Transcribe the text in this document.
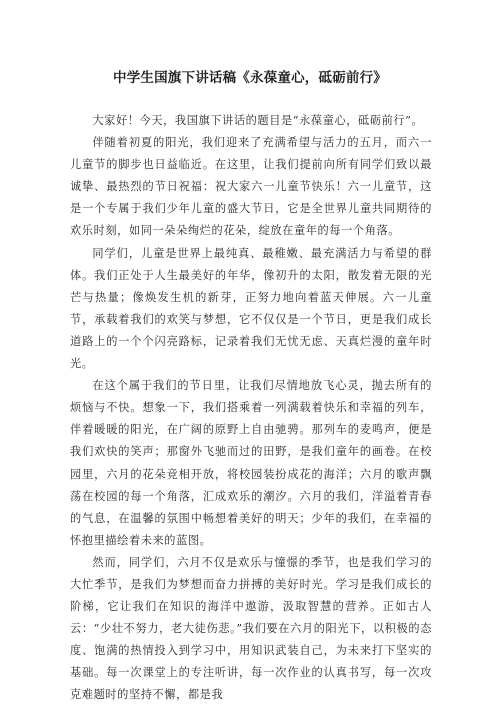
中学生国旗下讲话稿《永葆童心，砥砺前行》

大家好！今天，我国旗下讲话的题目是“永葆童心，砥砺前行”。

伴随着初夏的阳光，我们迎来了充满希望与活力的五月，而六一儿童节的脚步也日益临近。在这里，让我们提前向所有同学们致以最诚挚、最热烈的节日祝福：祝大家六一儿童节快乐！六一儿童节，这是一个专属于我们少年儿童的盛大节日，它是全世界儿童共同期待的欢乐时刻，如同一朵朵绚烂的花朵，绽放在童年的每一个角落。

同学们，儿童是世界上最纯真、最稚嫩、最充满活力与希望的群体。我们正处于人生最美好的年华，像初升的太阳，散发着无限的光芒与热量；像焕发生机的新芽，正努力地向着蓝天伸展。六一儿童节，承载着我们的欢笑与梦想，它不仅仅是一个节日，更是我们成长道路上的一个个闪亮路标，记录着我们无忧无虑、天真烂漫的童年时光。

在这个属于我们的节日里，让我们尽情地放飞心灵，抛去所有的烦恼与不快。想象一下，我们搭乘着一列满载着快乐和幸福的列车，伴着暖暖的阳光，在广阔的原野上自由驰骋。那列车的麦鸣声，便是我们欢快的笑声；那窗外飞驰而过的田野，是我们童年的画卷。在校园里，六月的花朵竞相开放，将校园装扮成花的海洋；六月的歌声飘荡在校园的每一个角落，汇成欢乐的潮汐。六月的我们，洋溢着青春的气息，在温馨的氛围中畅想着美好的明天；少年的我们，在幸福的怀抱里描绘着未来的蓝图。

然而，同学们，六月不仅是欢乐与憧憬的季节，也是我们学习的大忙季节，是我们为梦想而奋力拼搏的美好时光。学习是我们成长的阶梯，它让我们在知识的海洋中遨游，汲取智慧的营养。正如古人云：“少壮不努力，老大徒伤悲。”我们要在六月的阳光下，以积极的态度、饱满的热情投入到学习中，用知识武装自己，为未来打下坚实的基础。每一次课堂上的专注听讲，每一次作业的认真书写，每一次攻克难题时的坚持不懈，都是我
